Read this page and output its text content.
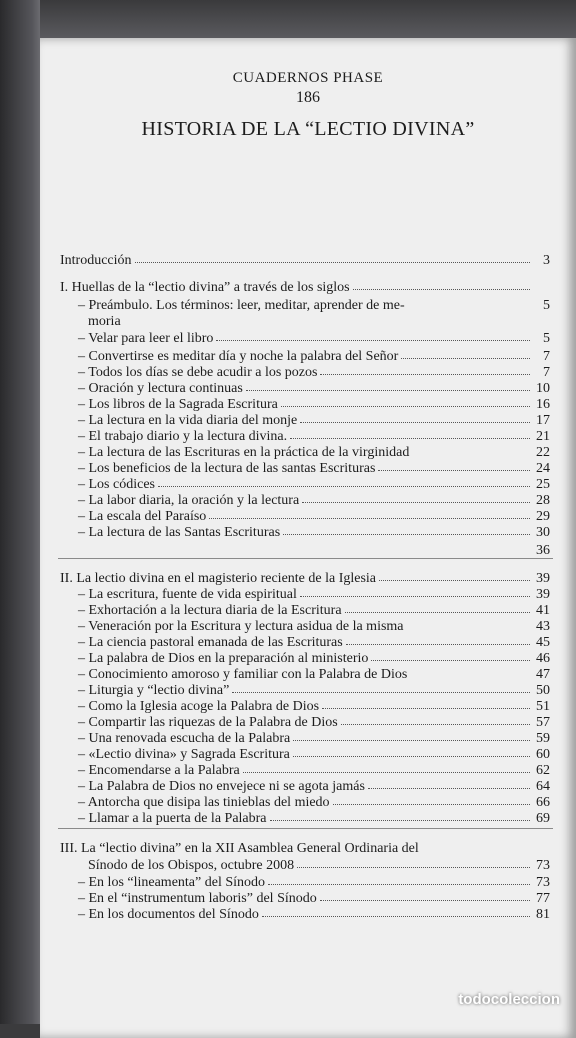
CUADERNOS PHASE
186
HISTORIA DE LA “LECTIO DIVINA”
Introducción	3
I. Huellas de la “lectio divina” a través de los siglos
– Preámbulo. Los términos: leer, meditar, aprender de me-	5
moria
– Velar para leer el libro	5
– Convertirse es meditar día y noche la palabra del Señor	7
– Todos los días se debe acudir a los pozos	7
– Oración y lectura continuas	10
– Los libros de la Sagrada Escritura	16
– La lectura en la vida diaria del monje	17
– El trabajo diario y la lectura divina.	21
– La lectura de las Escrituras en la práctica de la virginidad	22
– Los beneficios de la lectura de las santas Escrituras	24
– Los códices	25
– La labor diaria, la oración y la lectura	28
– La escala del Paraíso	29
– La lectura de las Santas Escrituras	30
36
II. La lectio divina en el magisterio reciente de la Iglesia	39
– La escritura, fuente de vida espiritual	39
– Exhortación a la lectura diaria de la Escritura	41
– Veneración por la Escritura y lectura asidua de la misma	43
– La ciencia pastoral emanada de las Escrituras	45
– La palabra de Dios en la preparación al ministerio	46
– Conocimiento amoroso y familiar con la Palabra de Dios	47
– Liturgia y “lectio divina”	50
– Como la Iglesia acoge la Palabra de Dios	51
– Compartir las riquezas de la Palabra de Dios	57
– Una renovada escucha de la Palabra	59
– «Lectio divina» y Sagrada Escritura	60
– Encomendarse a la Palabra	62
– La Palabra de Dios no envejece ni se agota jamás	64
– Antorcha que disipa las tinieblas del miedo	66
– Llamar a la puerta de la Palabra	69
III. La “lectio divina” en la XII Asamblea General Ordinaria del
Sínodo de los Obispos, octubre 2008	73
– En los “lineamenta” del Sínodo	73
– En el “instrumentum laboris” del Sínodo	77
– En los documentos del Sínodo	81
todocoleccion
